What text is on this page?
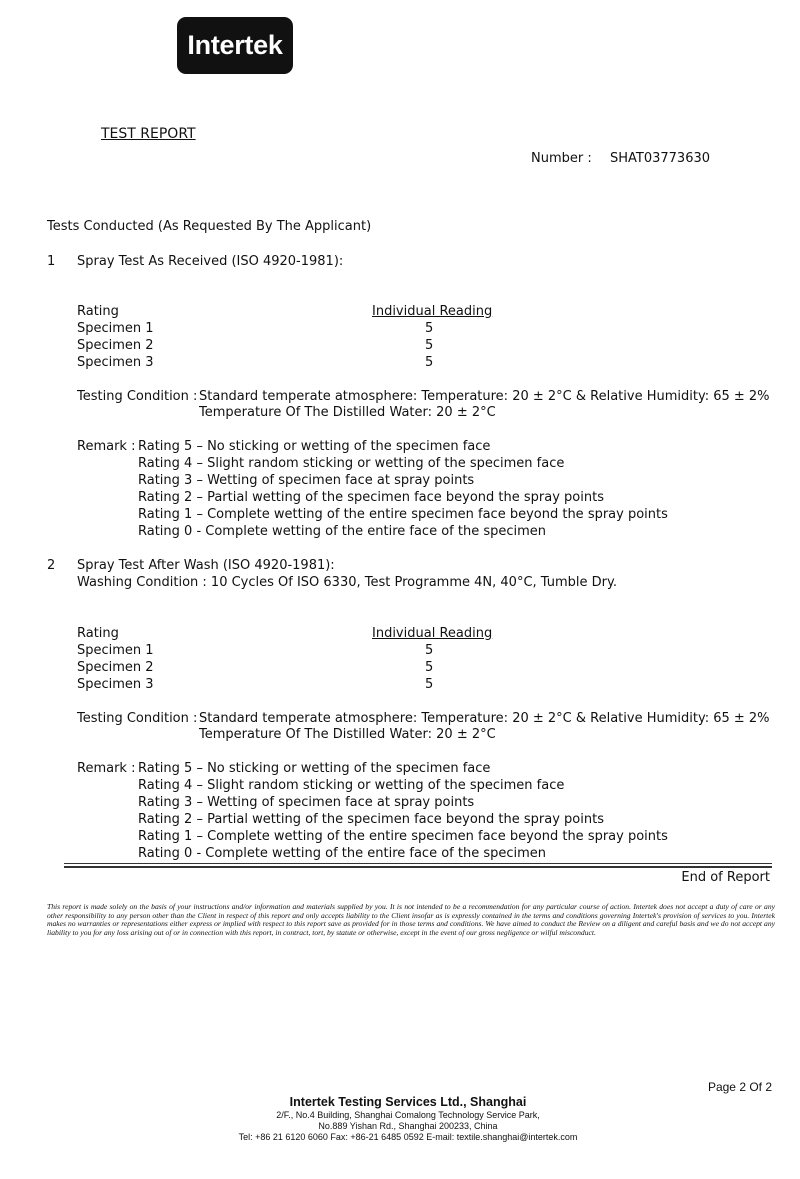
Intertek
TEST REPORT
Number : SHAT03773630
Tests Conducted (As Requested By The Applicant)
1 Spray Test As Received (ISO 4920-1981):
Rating	Individual Reading
Specimen 1	5
Specimen 2	5
Specimen 3	5
Testing Condition : Standard temperate atmosphere: Temperature: 20 ± 2°C & Relative Humidity: 65 ± 2%
Temperature Of The Distilled Water: 20 ± 2°C
Remark : Rating 5 – No sticking or wetting of the specimen face
Rating 4 – Slight random sticking or wetting of the specimen face
Rating 3 – Wetting of specimen face at spray points
Rating 2 – Partial wetting of the specimen face beyond the spray points
Rating 1 – Complete wetting of the entire specimen face beyond the spray points
Rating 0 - Complete wetting of the entire face of the specimen
2 Spray Test After Wash (ISO 4920-1981):
Washing Condition : 10 Cycles Of ISO 6330, Test Programme 4N, 40°C, Tumble Dry.
Rating	Individual Reading
Specimen 1	5
Specimen 2	5
Specimen 3	5
Testing Condition : Standard temperate atmosphere: Temperature: 20 ± 2°C & Relative Humidity: 65 ± 2%
Temperature Of The Distilled Water: 20 ± 2°C
Remark : Rating 5 – No sticking or wetting of the specimen face
Rating 4 – Slight random sticking or wetting of the specimen face
Rating 3 – Wetting of specimen face at spray points
Rating 2 – Partial wetting of the specimen face beyond the spray points
Rating 1 – Complete wetting of the entire specimen face beyond the spray points
Rating 0 - Complete wetting of the entire face of the specimen
End of Report
This report is made solely on the basis of your instructions and/or information and materials supplied by you. It is not intended to be a recommendation for any particular course of action. Intertek does not accept a duty of care or any other responsibility to any person other than the Client in respect of this report and only accepts liability to the Client insofar as is expressly contained in the terms and conditions governing Intertek's provision of services to you. Intertek makes no warranties or representations either express or implied with respect to this report save as provided for in those terms and conditions. We have aimed to conduct the Review on a diligent and careful basis and we do not accept any liability to you for any loss arising out of or in connection with this report, in contract, tort, by statute or otherwise, except in the event of our gross negligence or wilful misconduct.
Page 2 Of 2
Intertek Testing Services Ltd., Shanghai
2/F., No.4 Building, Shanghai Comalong Technology Service Park,
No.889 Yishan Rd., Shanghai 200233, China
Tel: +86 21 6120 6060 Fax: +86-21 6485 0592 E-mail: textile.shanghai@intertek.com
